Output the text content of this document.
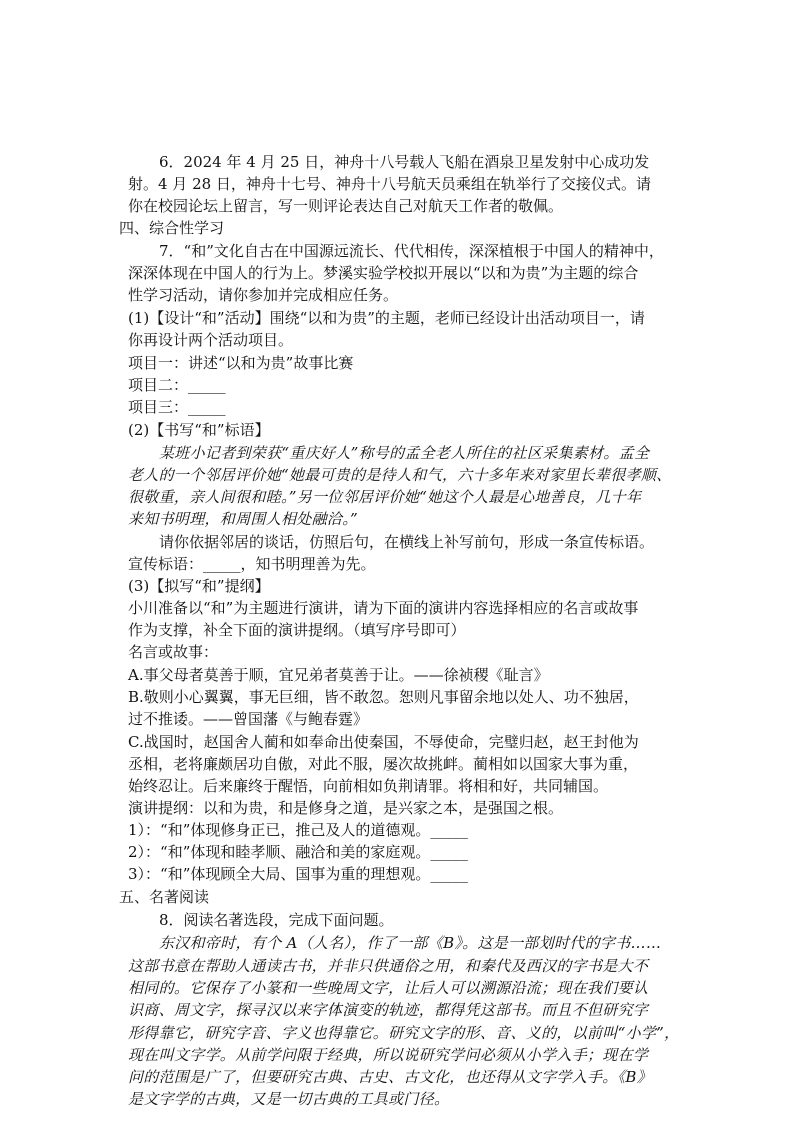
6．2024 年 4 月 25 日，神舟十八号载人飞船在酒泉卫星发射中心成功发
射。4 月 28 日，神舟十七号、神舟十八号航天员乘组在轨举行了交接仪式。请
你在校园论坛上留言，写一则评论表达自己对航天工作者的敬佩。
四、综合性学习
7．“和”文化自古在中国源远流长、代代相传，深深植根于中国人的精神中，
深深体现在中国人的行为上。梦溪实验学校拟开展以“以和为贵”为主题的综合
性学习活动，请你参加并完成相应任务。
(1)【设计“和”活动】围绕“以和为贵”的主题，老师已经设计出活动项目一，请
你再设计两个活动项目。
项目一：讲述“以和为贵”故事比赛
项目二：_____
项目三：_____
(2)【书写“和”标语】
某班小记者到荣获“重庆好人”称号的孟全老人所住的社区采集素材。孟全
老人的一个邻居评价她“她最可贵的是待人和气，六十多年来对家里长辈很孝顺、
很敬重，亲人间很和睦。”另一位邻居评价她“她这个人最是心地善良，几十年
来知书明理，和周围人相处融洽。”
请你依据邻居的谈话，仿照后句，在横线上补写前句，形成一条宣传标语。
宣传标语：_____，知书明理善为先。
(3)【拟写“和”提纲】
小川准备以“和”为主题进行演讲，请为下面的演讲内容选择相应的名言或故事
作为支撑，补全下面的演讲提纲。（填写序号即可）
名言或故事：
A.事父母者莫善于顺，宜兄弟者莫善于让。——徐祯稷《耻言》
B.敬则小心翼翼，事无巨细，皆不敢忽。恕则凡事留余地以处人、功不独居，
过不推诿。——曾国藩《与鲍春霆》
C.战国时，赵国舍人蔺和如奉命出使秦国，不辱使命，完璧归赵，赵王封他为
丞相，老将廉颇居功自傲，对此不服，屡次故挑衅。蔺相如以国家大事为重，
始终忍让。后来廉终于醒悟，向前相如负荆请罪。将相和好，共同辅国。
演讲提纲：以和为贵，和是修身之道，是兴家之本，是强国之根。
1）：“和”体现修身正已，推己及人的道德观。_____
2）：“和”体现和睦孝顺、融洽和美的家庭观。_____
3）：“和”体现顾全大局、国事为重的理想观。_____
五、名著阅读
8．阅读名著选段，完成下面问题。
东汉和帝时，有个 A（人名），作了一部《B》。这是一部划时代的字书……
这部书意在帮助人通读古书，并非只供通俗之用，和秦代及西汉的字书是大不
相同的。它保存了小篆和一些晚周文字，让后人可以溯源沿流；现在我们要认
识商、周文字，探寻汉以来字体演变的轨迹，都得凭这部书。而且不但研究字
形得靠它，研究字音、字义也得靠它。研究文字的形、音、义的，以前叫“小学”，
现在叫文字学。从前学问限于经典，所以说研究学问必须从小学入手；现在学
问的范围是广了，但要研究古典、古史、古文化，也还得从文字学入手。《B》
是文字学的古典，又是一切古典的工具或门径。
